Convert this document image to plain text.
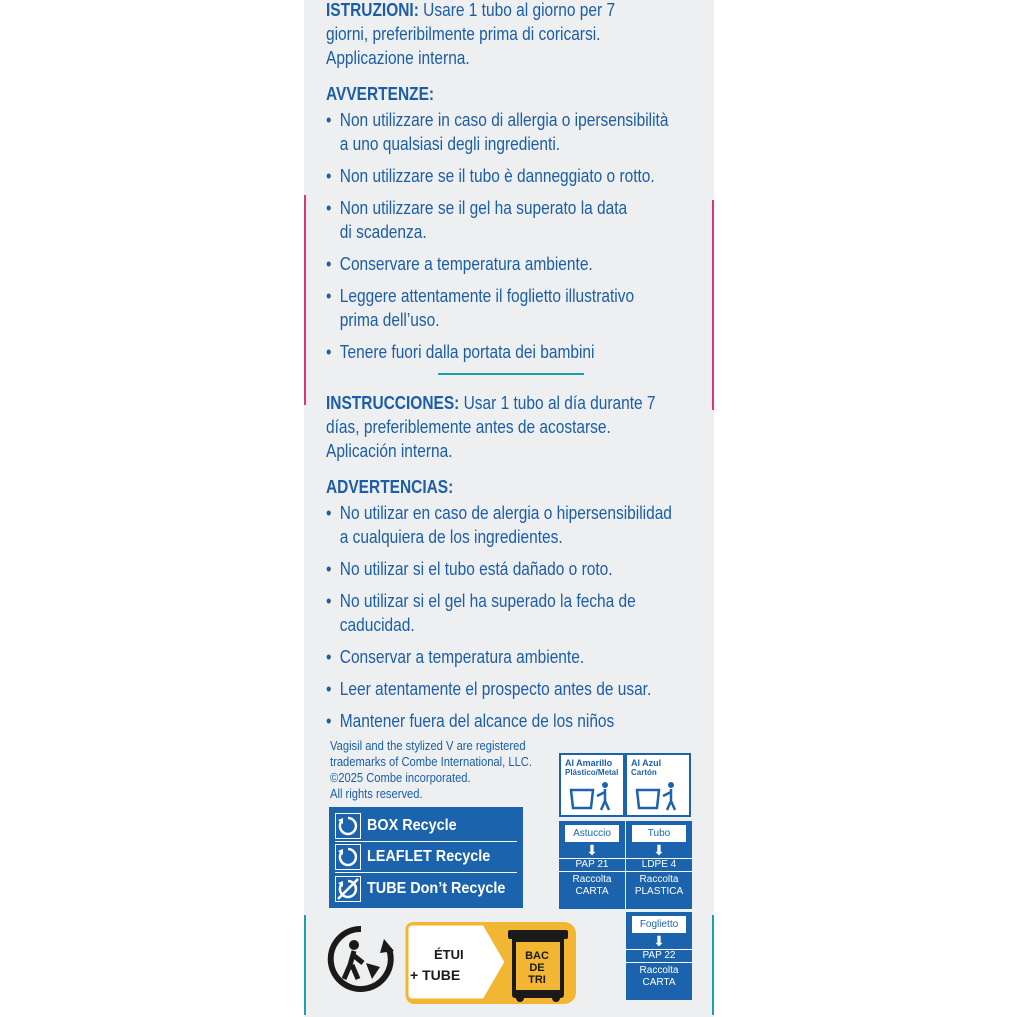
ISTRUZIONI: Usare 1 tubo al giorno per 7
giorni, preferibilmente prima di coricarsi.
Applicazione interna.
AVVERTENZE:
• Non utilizzare in caso di allergia o ipersensibilità
a uno qualsiasi degli ingredienti.
• Non utilizzare se il tubo è danneggiato o rotto.
• Non utilizzare se il gel ha superato la data
di scadenza.
• Conservare a temperatura ambiente.
• Leggere attentamente il foglietto illustrativo
prima dell’uso.
• Tenere fuori dalla portata dei bambini
INSTRUCCIONES: Usar 1 tubo al día durante 7
días, preferiblemente antes de acostarse.
Aplicación interna.
ADVERTENCIAS:
• No utilizar en caso de alergia o hipersensibilidad
a cualquiera de los ingredientes.
• No utilizar si el tubo está dañado o roto.
• No utilizar si el gel ha superado la fecha de
caducidad.
• Conservar a temperatura ambiente.
• Leer atentamente el prospecto antes de usar.
• Mantener fuera del alcance de los niños
Vagisil and the stylized V are registered
trademarks of Combe International, LLC.
©2025 Combe incorporated.
All rights reserved.
BOX Recycle
LEAFLET Recycle
TUBE Don’t Recycle
Al Amarillo
Plástico/Metal
Al Azul
Cartón
Astuccio
⬇
PAP 21
Raccolta
CARTA
Tubo
⬇
LDPE 4
Raccolta
PLASTICA
Foglietto
⬇
PAP 22
Raccolta
CARTA
ÉTUI
+ TUBE
BAC
DE
TRI
